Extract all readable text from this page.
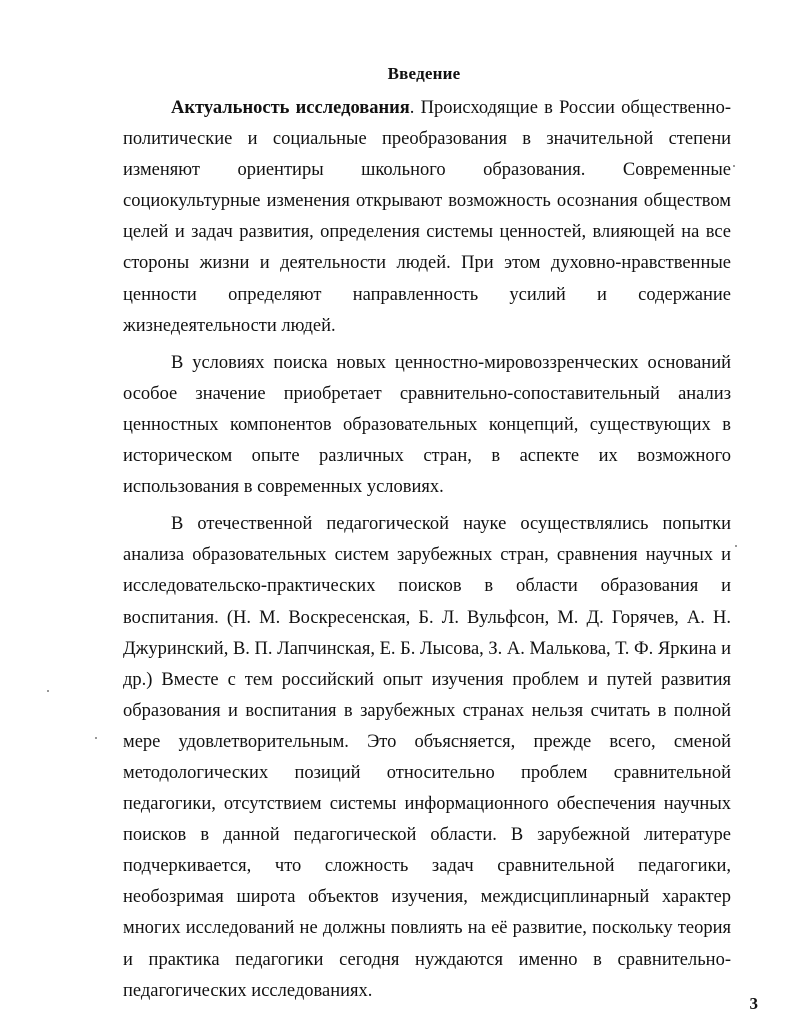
Введение

Актуальность исследования. Происходящие в России общественно-политические и социальные преобразования в значительной степени изменяют ориентиры школьного образования. Современные социокультурные изменения открывают возможность осознания обществом целей и задач развития, определения системы ценностей, влияющей на все стороны жизни и деятельности людей. При этом духовно-нравственные ценности определяют направленность усилий и содержание жизнедеятельности людей.

В условиях поиска новых ценностно-мировоззренческих оснований особое значение приобретает сравнительно-сопоставительный анализ ценностных компонентов образовательных концепций, существующих в историческом опыте различных стран, в аспекте их возможного использования в современных условиях.

В отечественной педагогической науке осуществлялись попытки анализа образовательных систем зарубежных стран, сравнения научных и исследовательско-практических поисков в области образования и воспитания. (Н. М. Воскресенская, Б. Л. Вульфсон, М. Д. Горячев, А. Н. Джуринский, В. П. Лапчинская, Е. Б. Лысова, З. А. Малькова, Т. Ф. Яркина и др.) Вместе с тем российский опыт изучения проблем и путей развития образования и воспитания в зарубежных странах нельзя считать в полной мере удовлетворительным. Это объясняется, прежде всего, сменой методологических позиций относительно проблем сравнительной педагогики, отсутствием системы информационного обеспечения научных поисков в данной педагогической области. В зарубежной литературе подчеркивается, что сложность задач сравнительной педагогики, необозримая широта объектов изучения, междисциплинарный характер многих исследований не должны повлиять на её развитие, поскольку теория и практика педагогики сегодня нуждаются именно в сравнительно-педагогических исследованиях.

3
